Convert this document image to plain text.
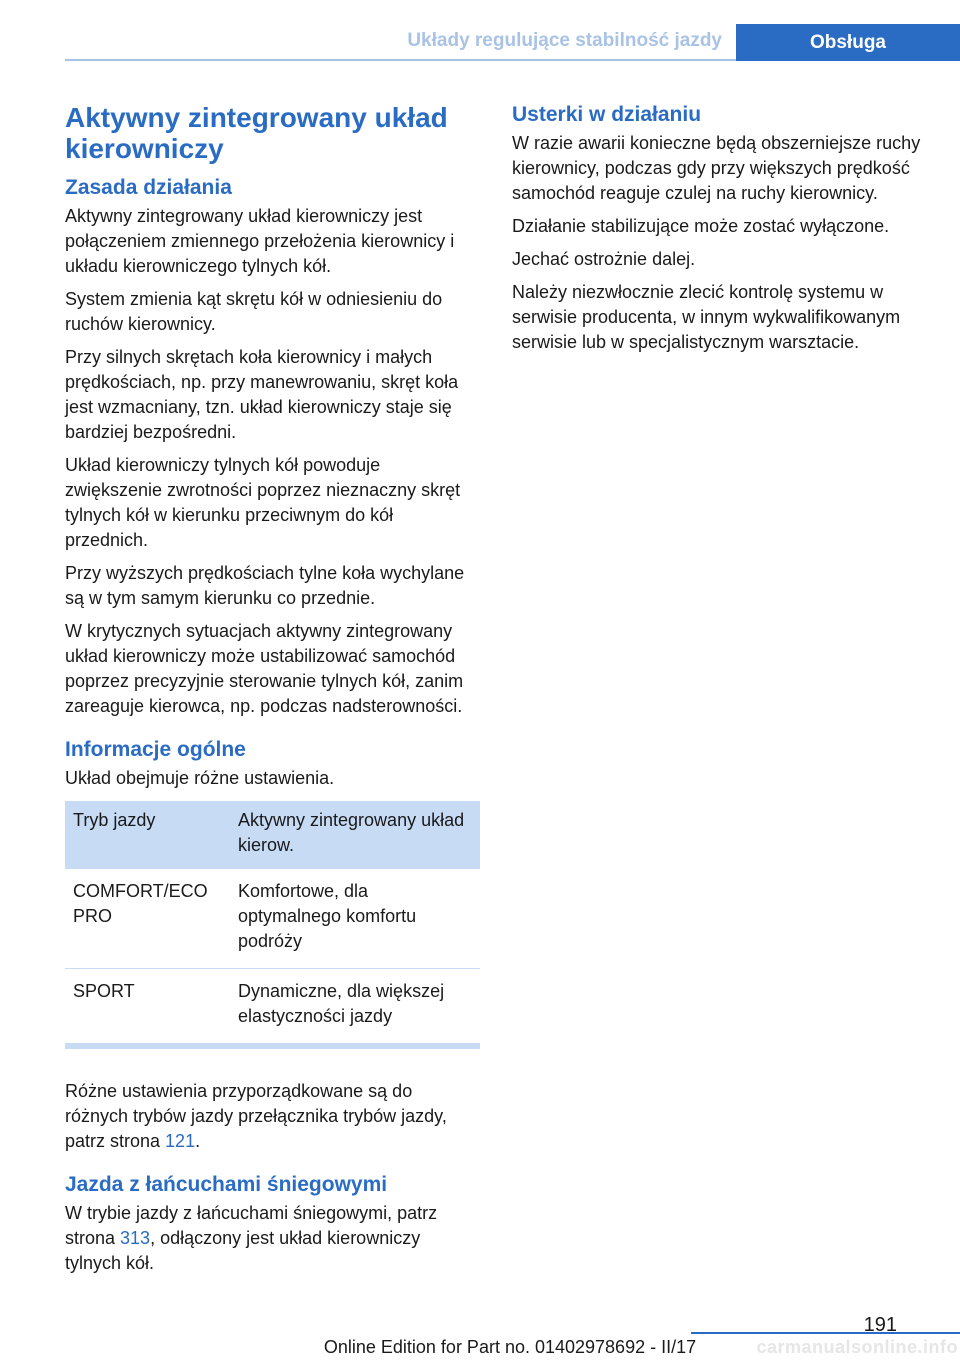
Układy regulujące stabilność jazdy	Obsługa
Aktywny zintegrowany układ kierowniczy
Zasada działania

Aktywny zintegrowany układ kierowniczy jest połączeniem zmiennego przełożenia kierownicy i układu kierowniczego tylnych kół.

System zmienia kąt skrętu kół w odniesieniu do ruchów kierownicy.

Przy silnych skrętach koła kierownicy i małych prędkościach, np. przy manewrowaniu, skręt koła jest wzmacniany, tzn. układ kierowniczy staje się bardziej bezpośredni.

Układ kierowniczy tylnych kół powoduje zwiększenie zwrotności poprzez nieznaczny skręt tylnych kół w kierunku przeciwnym do kół przednich.

Przy wyższych prędkościach tylne koła wychylane są w tym samym kierunku co przednie.

W krytycznych sytuacjach aktywny zintegrowany układ kierowniczy może ustabilizować samochód poprzez precyzyjnie sterowanie tylnych kół, zanim zareaguje kierowca, np. podczas nadsterowności.

Informacje ogólne

Układ obejmuje różne ustawienia.

Tryb jazdy	Aktywny zintegrowany układ kierow.
COMFORT/ECO PRO	Komfortowe, dla optymalnego komfortu podróży
SPORT	Dynamiczne, dla większej elastyczności jazdy

Różne ustawienia przyporządkowane są do różnych trybów jazdy przełącznika trybów jazdy, patrz strona 121.

Jazda z łańcuchami śniegowymi

W trybie jazdy z łańcuchami śniegowymi, patrz strona 313, odłączony jest układ kierowniczy tylnych kół.

Usterki w działaniu

W razie awarii konieczne będą obszerniejsze ruchy kierownicy, podczas gdy przy większych prędkość samochód reaguje czulej na ruchy kierownicy.

Działanie stabilizujące może zostać wyłączone.

Jechać ostrożnie dalej.

Należy niezwłocznie zlecić kontrolę systemu w serwisie producenta, w innym wykwalifikowanym serwisie lub w specjalistycznym warsztacie.

191
Online Edition for Part no. 01402978692 - II/17	carmanualsonline.info
